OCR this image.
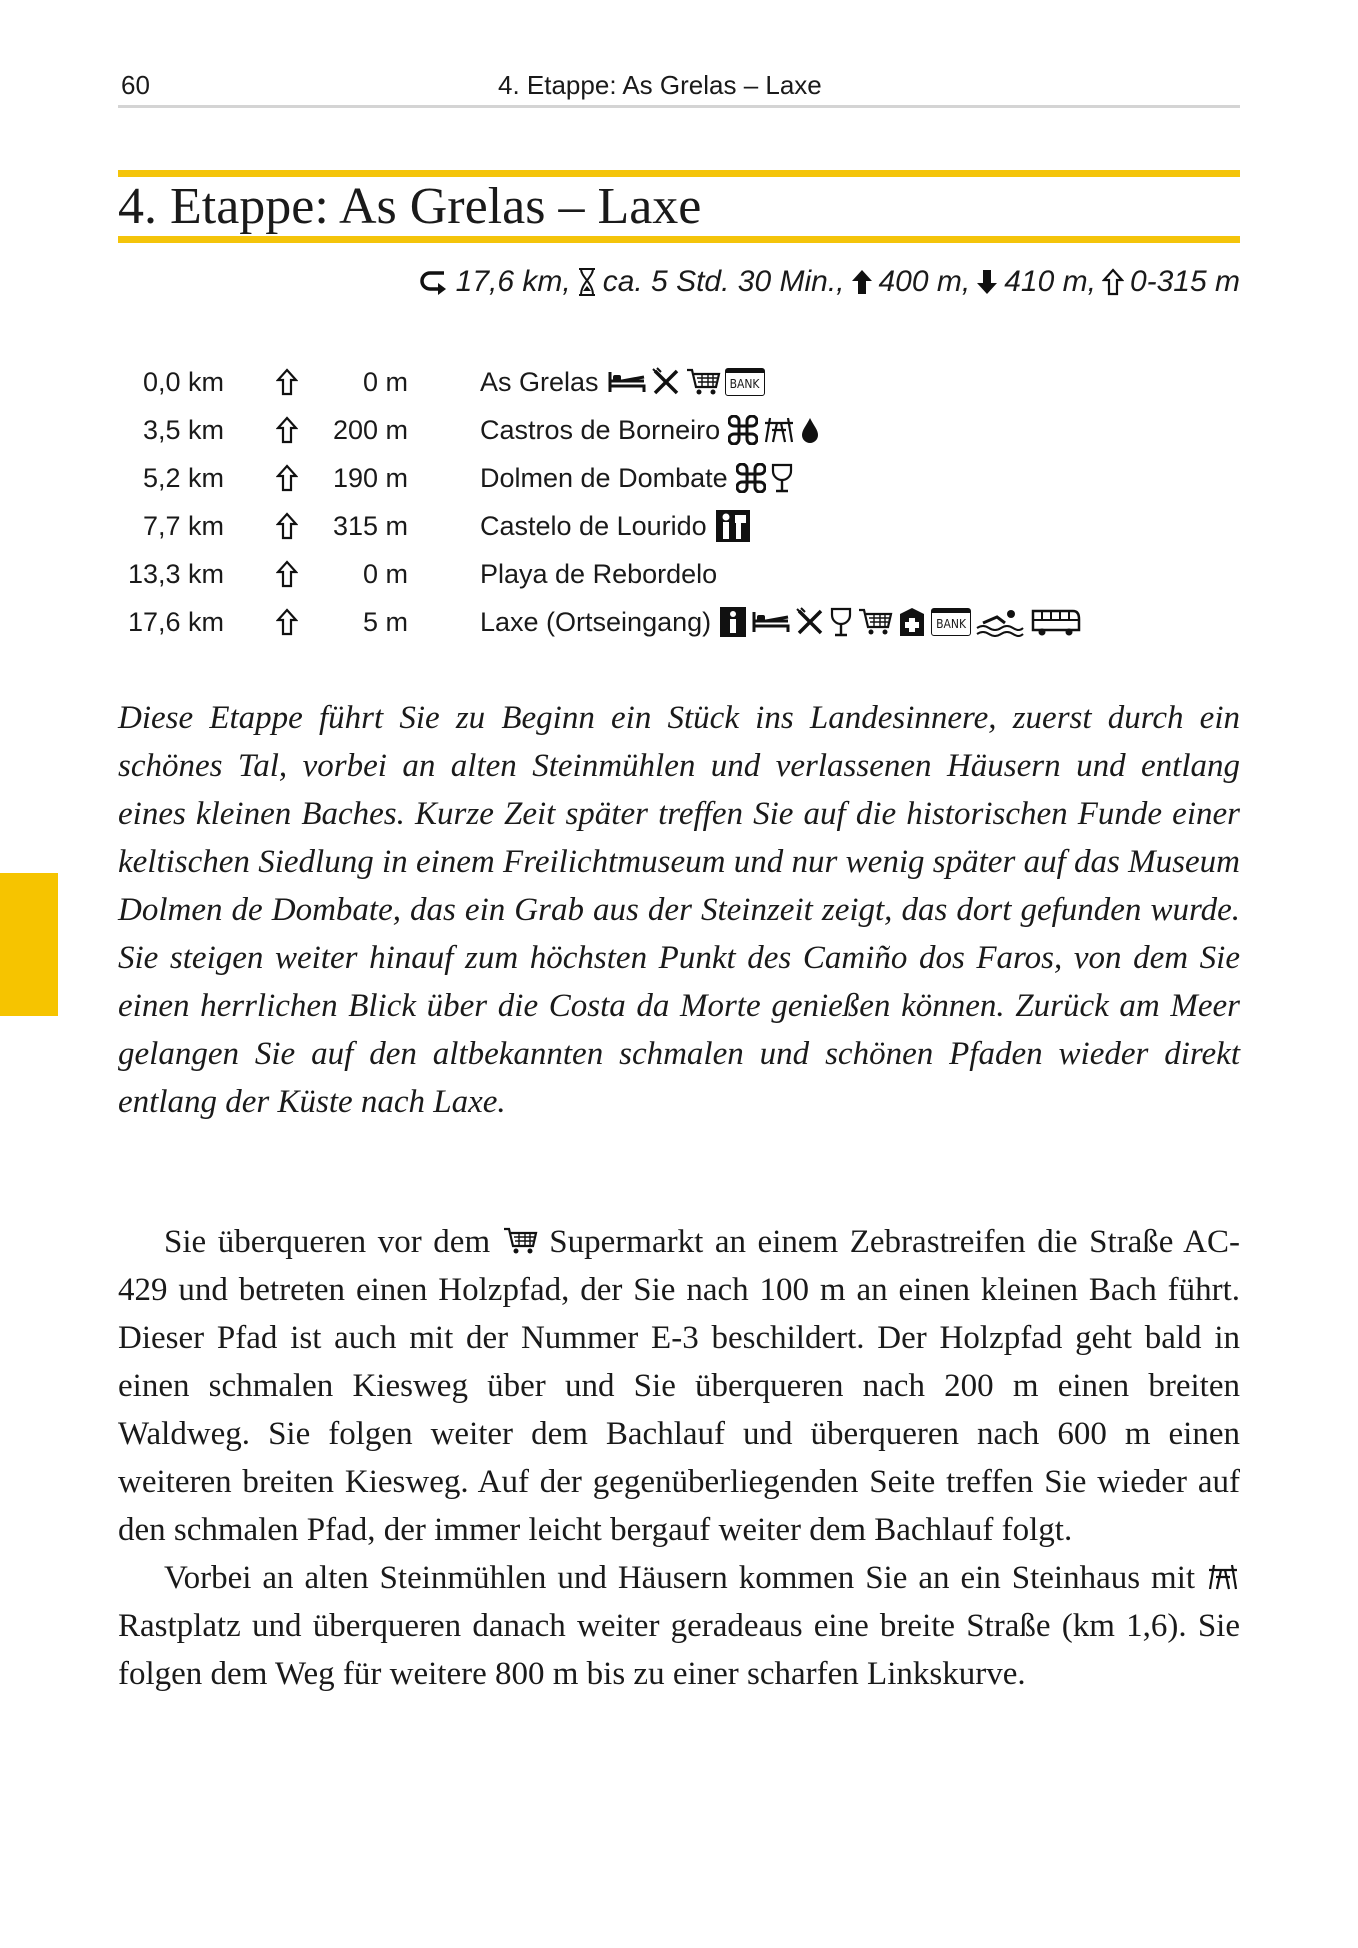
60	4. Etappe: As Grelas – Laxe
4. Etappe: As Grelas – Laxe
17,6 km, ca. 5 Std. 30 Min., 400 m, 410 m, 0-315 m
0,0 km	0 m	As Grelas	BANK
3,5 km	200 m	Castros de Borneiro
5,2 km	190 m	Dolmen de Dombate
7,7 km	315 m	Castelo de Lourido
13,3 km	0 m	Playa de Rebordelo
17,6 km	5 m	Laxe (Ortseingang)	BANK

Diese Etappe führt Sie zu Beginn ein Stück ins Landesinnere, zuerst durch ein schönes Tal, vorbei an alten Steinmühlen und verlassenen Häusern und entlang eines kleinen Baches. Kurze Zeit später treffen Sie auf die historischen Funde einer keltischen Siedlung in einem Freilichtmuseum und nur wenig später auf das Museum Dolmen de Dombate, das ein Grab aus der Steinzeit zeigt, das dort gefunden wurde. Sie steigen weiter hinauf zum höchsten Punkt des Camiño dos Faros, von dem Sie einen herrlichen Blick über die Costa da Morte genießen können. Zurück am Meer gelangen Sie auf den altbekannten schmalen und schönen Pfaden wieder direkt entlang der Küste nach Laxe.

Sie überqueren vor dem Supermarkt an einem Zebrastreifen die Straße AC-429 und betreten einen Holzpfad, der Sie nach 100 m an einen kleinen Bach führt. Dieser Pfad ist auch mit der Nummer E-3 beschildert. Der Holzpfad geht bald in einen schmalen Kiesweg über und Sie überqueren nach 200 m einen breiten Waldweg. Sie folgen weiter dem Bachlauf und überqueren nach 600 m einen weiteren breiten Kiesweg. Auf der gegenüberliegenden Seite treffen Sie wieder auf den schmalen Pfad, der immer leicht bergauf weiter dem Bachlauf folgt.

Vorbei an alten Steinmühlen und Häusern kommen Sie an ein Steinhaus mit  Rastplatz und überqueren danach weiter geradeaus eine breite Straße (km 1,6). Sie folgen dem Weg für weitere 800 m bis zu einer scharfen Linkskurve.
